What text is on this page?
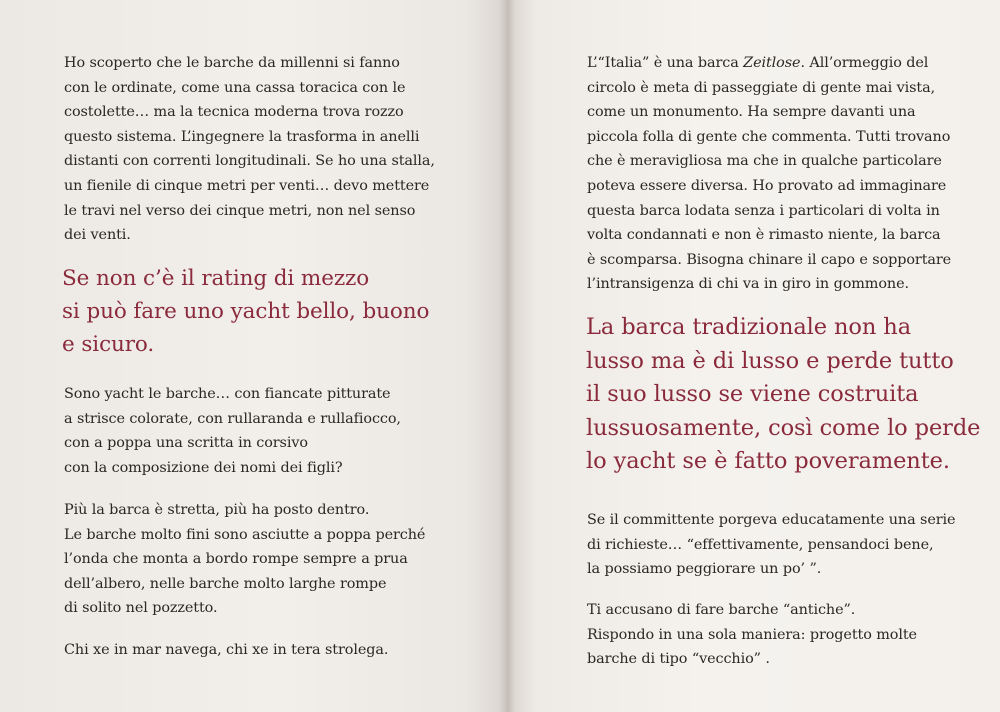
Ho scoperto che le barche da millenni si fanno
con le ordinate, come una cassa toracica con le
costolette… ma la tecnica moderna trova rozzo
questo sistema. L’ingegnere la trasforma in anelli
distanti con correnti longitudinali. Se ho una stalla,
un fienile di cinque metri per venti… devo mettere
le travi nel verso dei cinque metri, non nel senso
dei venti.
Se non c’è il rating di mezzo
si può fare uno yacht bello, buono
e sicuro.
Sono yacht le barche… con fiancate pitturate
a strisce colorate, con rullaranda e rullafiocco,
con a poppa una scritta in corsivo
con la composizione dei nomi dei figli?
Più la barca è stretta, più ha posto dentro.
Le barche molto fini sono asciutte a poppa perché
l’onda che monta a bordo rompe sempre a prua
dell’albero, nelle barche molto larghe rompe
di solito nel pozzetto.
Chi xe in mar navega, chi xe in tera strolega.
L’“Italia” è una barca Zeitlose. All’ormeggio del
circolo è meta di passeggiate di gente mai vista,
come un monumento. Ha sempre davanti una
piccola folla di gente che commenta. Tutti trovano
che è meravigliosa ma che in qualche particolare
poteva essere diversa. Ho provato ad immaginare
questa barca lodata senza i particolari di volta in
volta condannati e non è rimasto niente, la barca
è scomparsa. Bisogna chinare il capo e sopportare
l’intransigenza di chi va in giro in gommone.
La barca tradizionale non ha
lusso ma è di lusso e perde tutto
il suo lusso se viene costruita
lussuosamente, così come lo perde
lo yacht se è fatto poveramente.
Se il committente porgeva educatamente una serie
di richieste… “effettivamente, pensandoci bene,
la possiamo peggiorare un po’ ”.
Ti accusano di fare barche “antiche”.
Rispondo in una sola maniera: progetto molte
barche di tipo “vecchio” .
